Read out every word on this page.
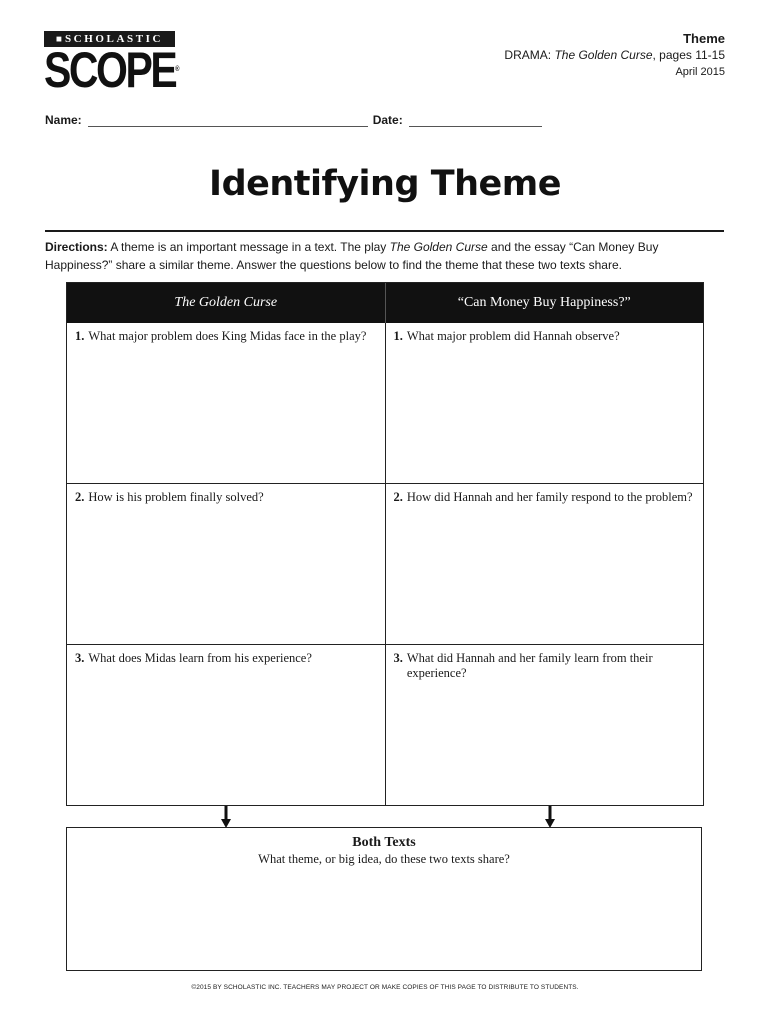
■ SCHOLASTIC
SCOPE®
Theme
DRAMA: The Golden Curse, pages 11-15
April 2015
Name:	Date:
Identifying Theme
Directions: A theme is an important message in a text. The play The Golden Curse and the essay “Can Money Buy Happiness?” share a similar theme. Answer the questions below to find the theme that these two texts share.
The Golden Curse	“Can Money Buy Happiness?”
1. What major problem does King Midas face in the play? 1. What major problem did Hannah observe?
2. How is his problem finally solved?	2. How did Hannah and her family respond to the problem?
3. What does Midas learn from his experience?	3. What did Hannah and her family learn from their experience?
Both Texts
What theme, or big idea, do these two texts share?
©2015 BY SCHOLASTIC INC. TEACHERS MAY PROJECT OR MAKE COPIES OF THIS PAGE TO DISTRIBUTE TO STUDENTS.
